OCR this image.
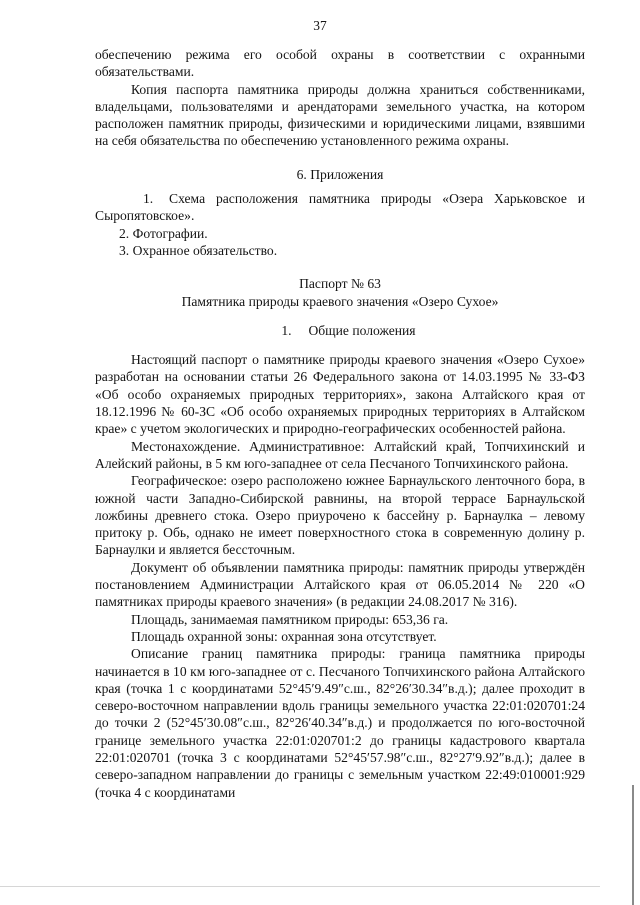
37

обеспечению режима его особой охраны в соответствии с охранными обязательствами.

Копия паспорта памятника природы должна храниться собственниками, владельцами, пользователями и арендаторами земельного участка, на котором расположен памятник природы, физическими и юридическими лицами, взявшими на себя обязательства по обеспечению установленного режима охраны.

6. Приложения

1. Схема расположения памятника природы «Озера Харьковское и Сыропятовское».

2. Фотографии.

3. Охранное обязательство.

Паспорт № 63

Памятника природы краевого значения «Озеро Сухое»

1. Общие положения

Настоящий паспорт о памятнике природы краевого значения «Озеро Сухое» разработан на основании статьи 26 Федерального закона от 14.03.1995 № 33-ФЗ «Об особо охраняемых природных территориях», закона Алтайского края от 18.12.1996 № 60-ЗС «Об особо охраняемых природных территориях в Алтайском крае» с учетом экологических и природно-географических особенностей района.

Местонахождение. Административное: Алтайский край, Топчихинский и Алейский районы, в 5 км юго-западнее от села Песчаного Топчихинского района.

Географическое: озеро расположено южнее Барнаульского ленточного бора, в южной части Западно-Сибирской равнины, на второй террасе Барнаульской ложбины древнего стока. Озеро приурочено к бассейну р. Барнаулка – левому притоку р. Обь, однако не имеет поверхностного стока в современную долину р. Барнаулки и является бессточным.

Документ об объявлении памятника природы: памятник природы утверждён постановлением Администрации Алтайского края от 06.05.2014 № 220 «О памятниках природы краевого значения» (в редакции 24.08.2017 № 316).

Площадь, занимаемая памятником природы: 653,36 га.

Площадь охранной зоны: охранная зона отсутствует.

Описание границ памятника природы: граница памятника природы начинается в 10 км юго-западнее от с. Песчаного Топчихинского района Алтайского края (точка 1 с координатами 52°45′9.49″с.ш., 82°26′30.34″в.д.); далее проходит в северо-восточном направлении вдоль границы земельного участка 22:01:020701:24 до точки 2 (52°45′30.08″с.ш., 82°26′40.34″в.д.) и продолжается по юго-восточной границе земельного участка 22:01:020701:2 до границы кадастрового квартала 22:01:020701 (точка 3 с координатами 52°45′57.98″с.ш., 82°27′9.92″в.д.); далее в северо-западном направлении до границы с земельным участком 22:49:010001:929 (точка 4 с координатами
